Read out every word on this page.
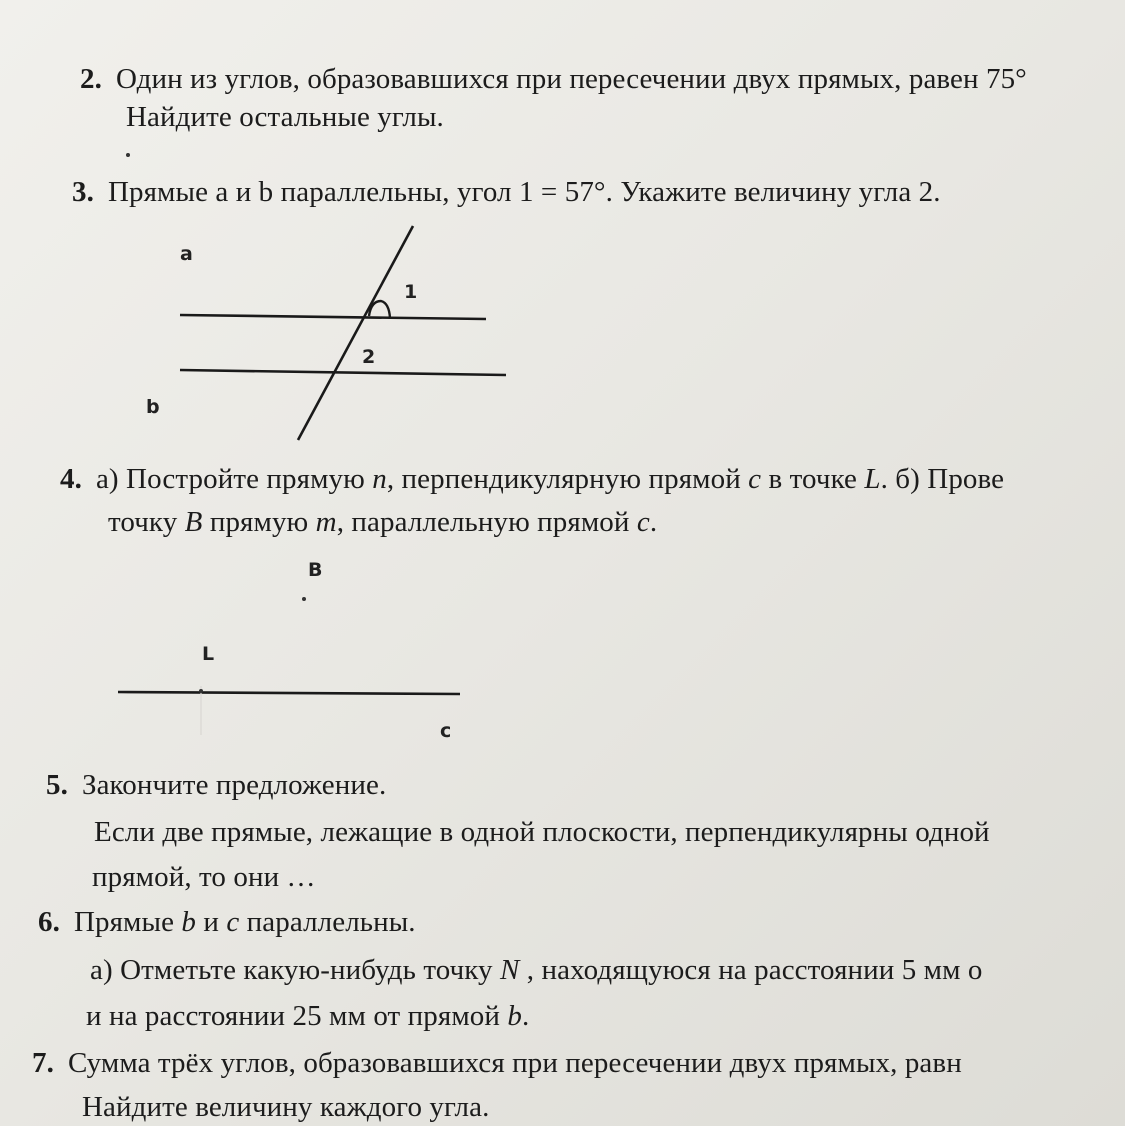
2. Один из углов, образовавшихся при пересечении двух прямых, равен 75°
Найдите остальные углы.
3. Прямые a и b параллельны, угол 1 = 57°. Укажите величину угла 2.
a
1
2
b
4. а) Постройте прямую n, перпендикулярную прямой c в точке L. б) Прове
точку B прямую m, параллельную прямой c.
B
L
c
5. Закончите предложение.
Если две прямые, лежащие в одной плоскости, перпендикулярны одной
прямой, то они …
6. Прямые b и c параллельны.
а) Отметьте какую-нибудь точку N , находящуюся на расстоянии 5 мм о
и на расстоянии 25 мм от прямой b.
7. Сумма трёх углов, образовавшихся при пересечении двух прямых, равн
Найдите величину каждого угла.
